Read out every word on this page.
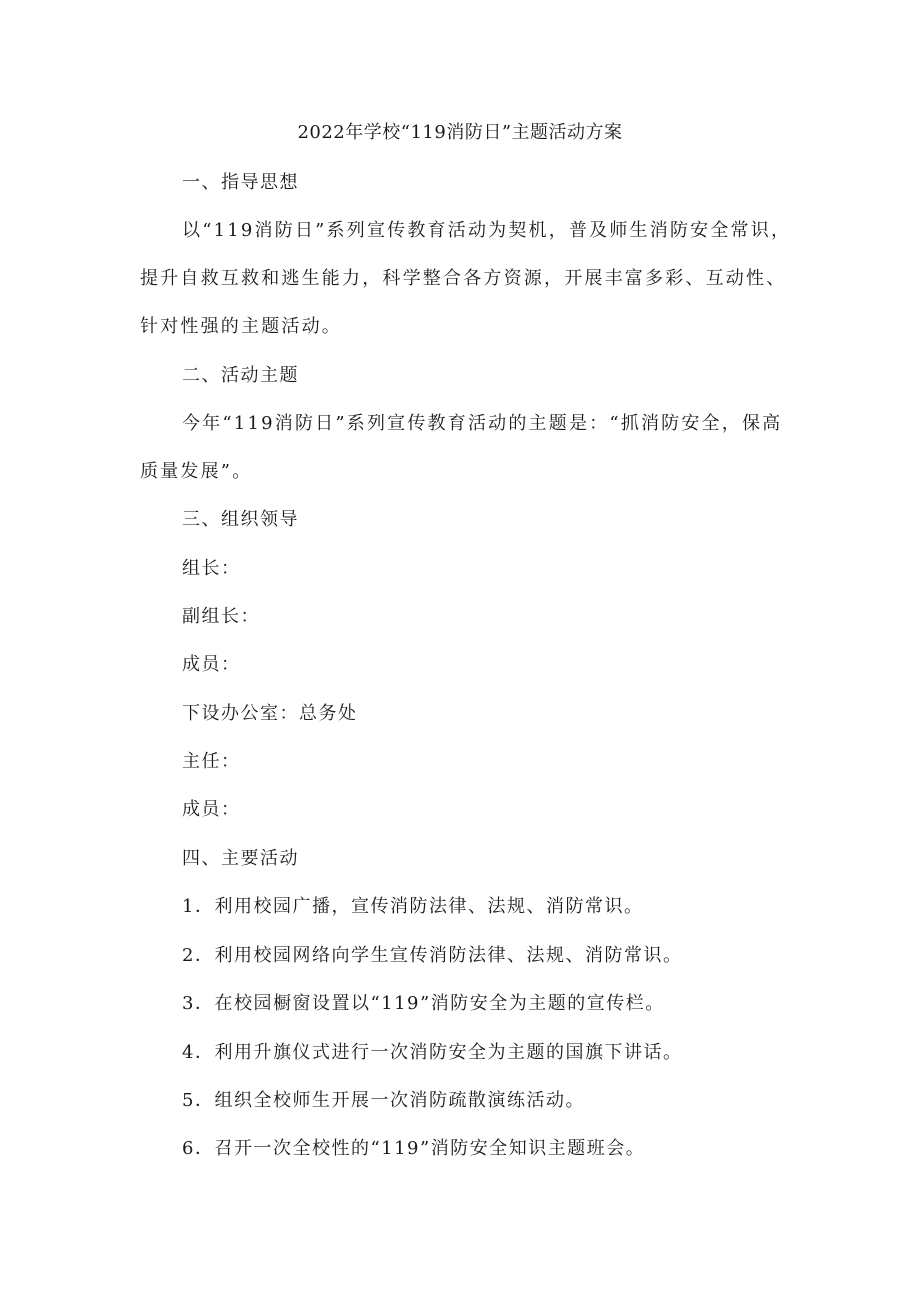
2022年学校“119消防日”主题活动方案
一、指导思想
以“119消防日”系列宣传教育活动为契机，普及师生消防安全常识，
提升自救互救和逃生能力，科学整合各方资源，开展丰富多彩、互动性、
针对性强的主题活动。
二、活动主题
今年“119消防日”系列宣传教育活动的主题是：“抓消防安全，保高
质量发展”。
三、组织领导
组长：
副组长：
成员：
下设办公室：总务处
主任：
成员：
四、主要活动
1．利用校园广播，宣传消防法律、法规、消防常识。
2．利用校园网络向学生宣传消防法律、法规、消防常识。
3．在校园橱窗设置以“119”消防安全为主题的宣传栏。
4．利用升旗仪式进行一次消防安全为主题的国旗下讲话。
5．组织全校师生开展一次消防疏散演练活动。
6．召开一次全校性的“119”消防安全知识主题班会。
